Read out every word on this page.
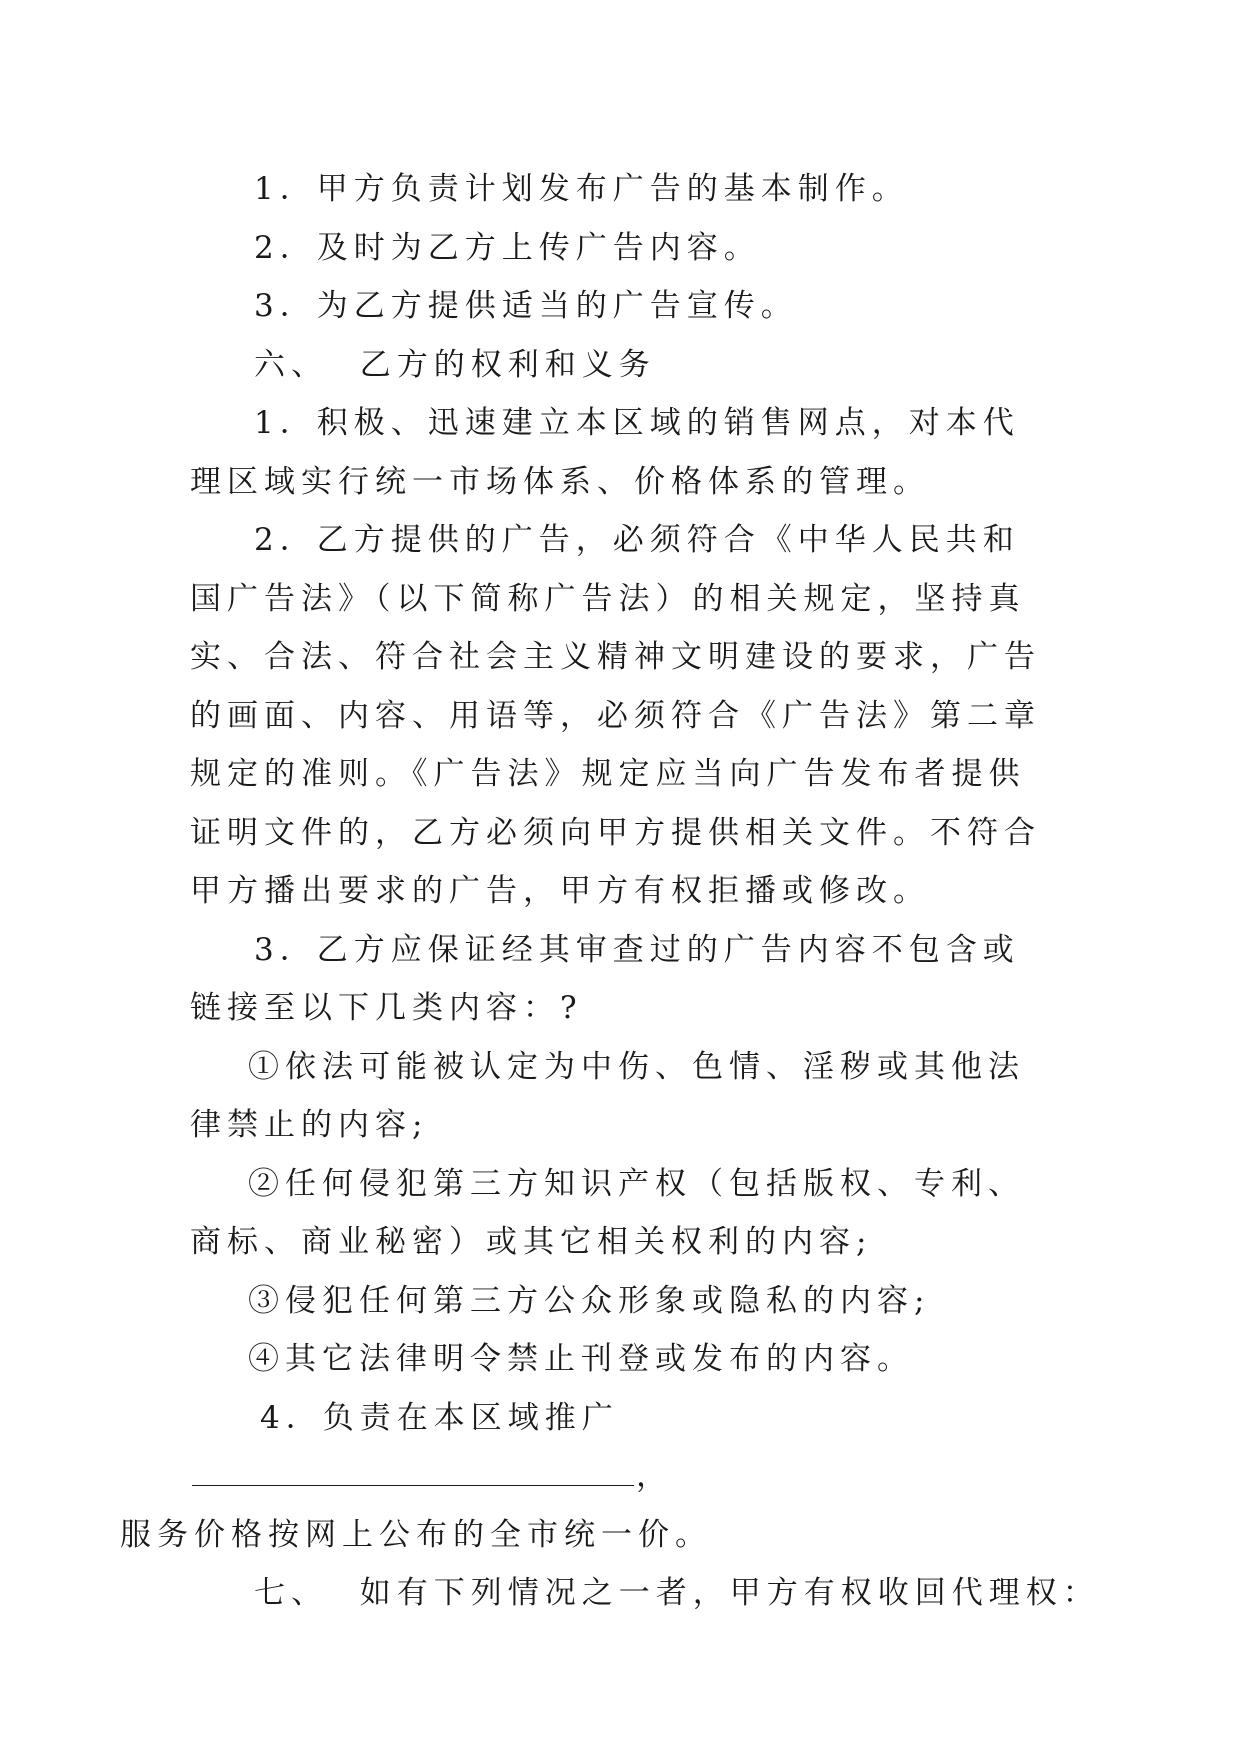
1．甲方负责计划发布广告的基本制作。

2．及时为乙方上传广告内容。

3．为乙方提供适当的广告宣传。

六、  乙方的权利和义务

1．积极、迅速建立本区域的销售网点，对本代理区域实行统一市场体系、价格体系的管理。

2．乙方提供的广告，必须符合《中华人民共和国广告法》（以下简称广告法）的相关规定，坚持真实、合法、符合社会主义精神文明建设的要求，广告的画面、内容、用语等，必须符合《广告法》第二章规定的准则。《广告法》规定应当向广告发布者提供证明文件的，乙方必须向甲方提供相关文件。不符合甲方播出要求的广告，甲方有权拒播或修改。

3．乙方应保证经其审查过的广告内容不包含或链接至以下几类内容：?

①依法可能被认定为中伤、色情、淫秽或其他法律禁止的内容;

②任何侵犯第三方知识产权（包括版权、专利、商标、商业秘密）或其它相关权利的内容;

③侵犯任何第三方公众形象或隐私的内容;

④其它法律明令禁止刊登或发布的内容。

4．负责在本区域推广，
服务价格按网上公布的全市统一价。

七、  如有下列情况之一者，甲方有权收回代理权：
